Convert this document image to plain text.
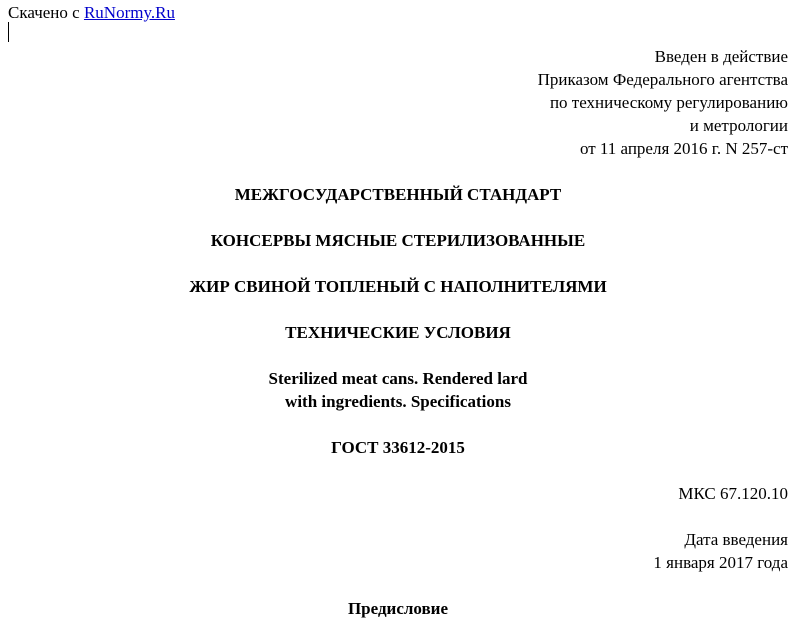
Скачено с RuNormy.Ru
Введен в действие
Приказом Федерального агентства
по техническому регулированию
и метрологии
от 11 апреля 2016 г. N 257-ст
МЕЖГОСУДАРСТВЕННЫЙ СТАНДАРТ
КОНСЕРВЫ МЯСНЫЕ СТЕРИЛИЗОВАННЫЕ
ЖИР СВИНОЙ ТОПЛЕНЫЙ С НАПОЛНИТЕЛЯМИ
ТЕХНИЧЕСКИЕ УСЛОВИЯ
Sterilized meat cans. Rendered lard
with ingredients. Specifications
ГОСТ 33612-2015
МКС 67.120.10
Дата введения
1 января 2017 года
Предисловие
